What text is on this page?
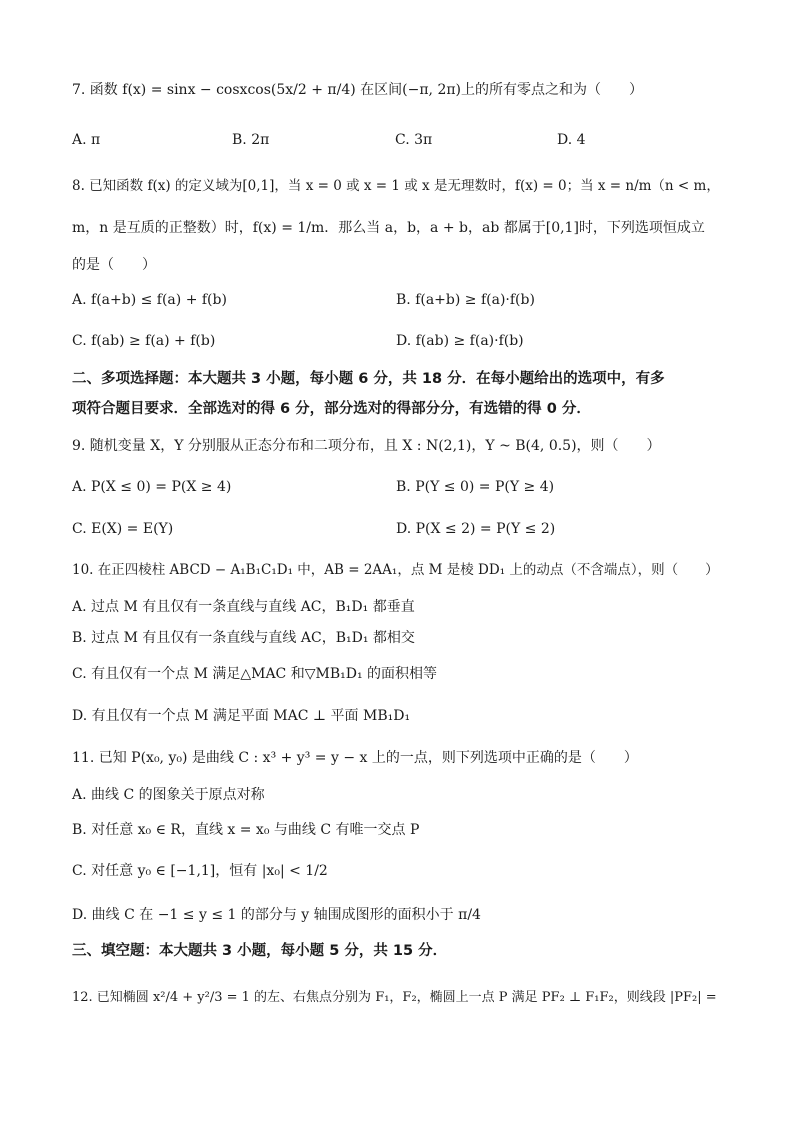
7. 函数 f(x) = sinx − cosxcos(5x/2 + π/4) 在区间(−π, 2π)上的所有零点之和为（　　）
A. π	B. 2π	C. 3π	D. 4
8. 已知函数 f(x) 的定义域为[0,1]，当 x = 0 或 x = 1 或 x 是无理数时，f(x) = 0；当 x = n/m（n < m，
m，n 是互质的正整数）时，f(x) = 1/m．那么当 a，b，a + b，ab 都属于[0,1]时，下列选项恒成立
的是（　　）
A. f(a+b) ≤ f(a) + f(b)	B. f(a+b) ≥ f(a)·f(b)
C. f(ab) ≥ f(a) + f(b)	D. f(ab) ≥ f(a)·f(b)
二、多项选择题：本大题共 3 小题，每小题 6 分，共 18 分．在每小题给出的选项中，有多
项符合题目要求．全部选对的得 6 分，部分选对的得部分分，有选错的得 0 分．
9. 随机变量 X，Y 分别服从正态分布和二项分布，且 X : N(2,1)，Y ~ B(4, 0.5)，则（　　）
A. P(X ≤ 0) = P(X ≥ 4)	B. P(Y ≤ 0) = P(Y ≥ 4)
C. E(X) = E(Y)	D. P(X ≤ 2) = P(Y ≤ 2)
10. 在正四棱柱 ABCD − A₁B₁C₁D₁ 中，AB = 2AA₁，点 M 是棱 DD₁ 上的动点（不含端点），则（　　）
A. 过点 M 有且仅有一条直线与直线 AC，B₁D₁ 都垂直
B. 过点 M 有且仅有一条直线与直线 AC，B₁D₁ 都相交
C. 有且仅有一个点 M 满足△MAC 和▽MB₁D₁ 的面积相等
D. 有且仅有一个点 M 满足平面 MAC ⊥ 平面 MB₁D₁
11. 已知 P(x₀, y₀) 是曲线 C : x³ + y³ = y − x 上的一点，则下列选项中正确的是（　　）
A. 曲线 C 的图象关于原点对称
B. 对任意 x₀ ∈ R，直线 x = x₀ 与曲线 C 有唯一交点 P
C. 对任意 y₀ ∈ [−1,1]，恒有 |x₀| < 1/2
D. 曲线 C 在 −1 ≤ y ≤ 1 的部分与 y 轴围成图形的面积小于 π/4
三、填空题：本大题共 3 小题，每小题 5 分，共 15 分．
12. 已知椭圆 x²/4 + y²/3 = 1 的左、右焦点分别为 F₁，F₂，椭圆上一点 P 满足 PF₂ ⊥ F₁F₂，则线段 |PF₂| =
